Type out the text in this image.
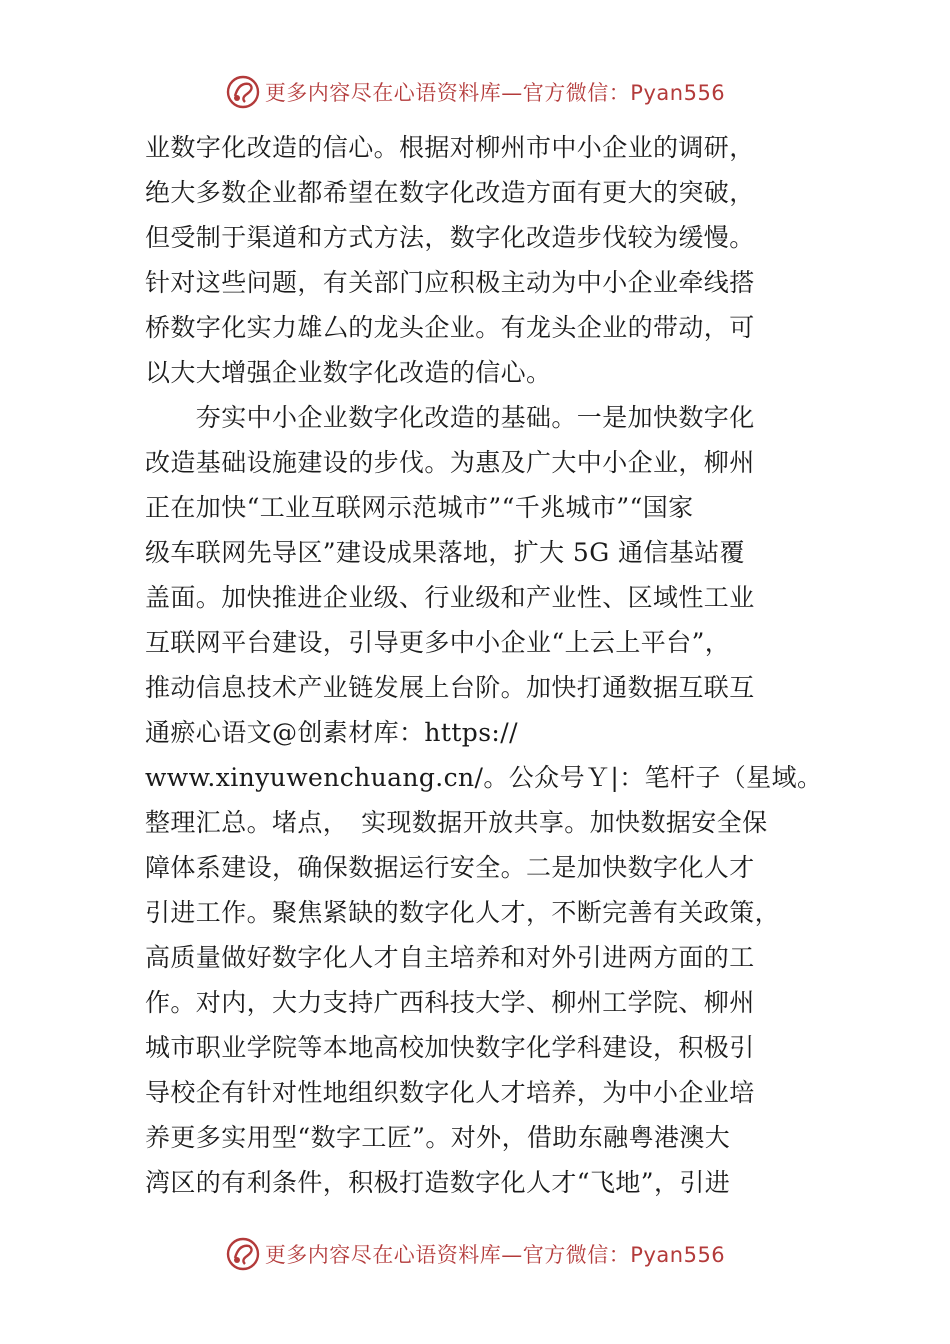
更多内容尽在心语资料库—官方微信：Pyan556
业数字化改造的信心。根据对柳州市中小企业的调研，
绝大多数企业都希望在数字化改造方面有更大的突破，
但受制于渠道和方式方法，数字化改造步伐较为缓慢。
针对这些问题，有关部门应积极主动为中小企业牵线搭
桥数字化实力雄厶的龙头企业。有龙头企业的带动，可
以大大增强企业数字化改造的信心。
　　夯实中小企业数字化改造的基础。一是加快数字化
改造基础设施建设的步伐。为惠及广大中小企业，柳州
正在加快“工业互联网示范城市”“千兆城市”“国家
级车联网先导区”建设成果落地，扩大 5G 通信基站覆
盖面。加快推进企业级、行业级和产业性、区域性工业
互联网平台建设，引导更多中小企业“上云上平台”，
推动信息技术产业链发展上台阶。加快打通数据互联互
通瘀心语文@创素材库：https://
www.xinyuwenchuang.cn/。公众号Ｙ|：笔杆子（星域。
整理汇总。堵点，　实现数据开放共享。加快数据安全保
障体系建设，确保数据运行安全。二是加快数字化人才
引进工作。聚焦紧缺的数字化人才，不断完善有关政策，
高质量做好数字化人才自主培养和对外引进两方面的工
作。对内，大力支持广西科技大学、柳州工学院、柳州
城市职业学院等本地高校加快数字化学科建设，积极引
导校企有针对性地组织数字化人才培养，为中小企业培
养更多实用型“数字工匠”。对外，借助东融粤港澳大
湾区的有利条件，积极打造数字化人才“飞地”，引进
更多内容尽在心语资料库—官方微信：Pyan556
